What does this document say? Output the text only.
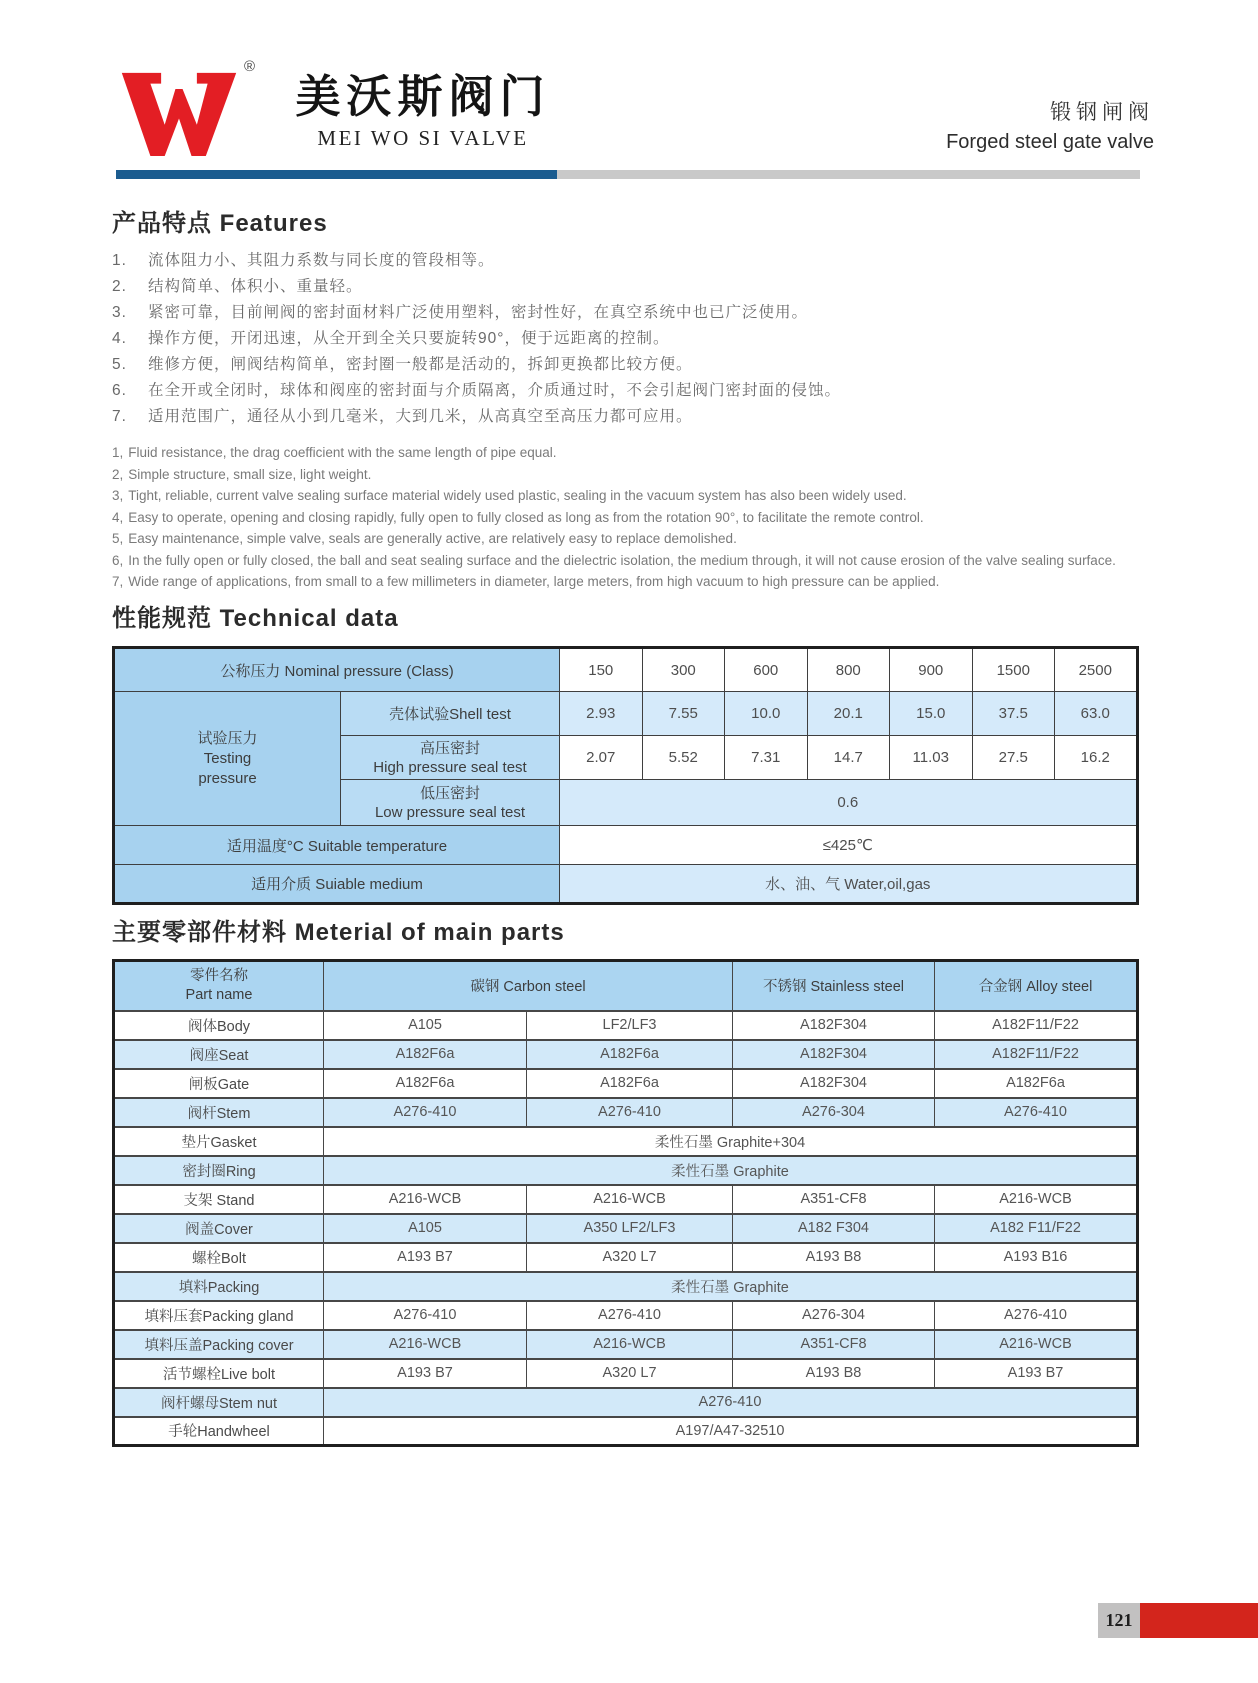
®
美沃斯阀门
MEI WO SI VALVE
锻钢闸阀
Forged steel gate valve
产品特点 Features
1.	流体阻力小、其阻力系数与同长度的管段相等。
2.	结构简单、体积小、重量轻。
3.	紧密可靠，目前闸阀的密封面材料广泛使用塑料，密封性好，在真空系统中也已广泛使用。
4.	操作方便，开闭迅速，从全开到全关只要旋转90°，便于远距离的控制。
5.	维修方便，闸阀结构简单，密封圈一般都是活动的，拆卸更换都比较方便。
6.	在全开或全闭时，球体和阀座的密封面与介质隔离，介质通过时，不会引起阀门密封面的侵蚀。
7.	适用范围广，通径从小到几毫米，大到几米，从高真空至高压力都可应用。
1, Fluid resistance, the drag coefficient with the same length of pipe equal.
2, Simple structure, small size, light weight.
3, Tight, reliable, current valve sealing surface material widely used plastic, sealing in the vacuum system has also been widely used.
4, Easy to operate, opening and closing rapidly, fully open to fully closed as long as from the rotation 90°, to facilitate the remote control.
5, Easy maintenance, simple valve, seals are generally active, are relatively easy to replace demolished.
6, In the fully open or fully closed, the ball and seat sealing surface and the dielectric isolation, the medium through, it will not cause erosion of the valve sealing surface.
7, Wide range of applications, from small to a few millimeters in diameter, large meters, from high vacuum to high pressure can be applied.
性能规范 Technical data
公称压力 Nominal pressure (Class)		150	300	600	800	900	1500	2500

试验压力
Testing
pressure	壳体试验Shell test	2.93	7.55	10.0	20.1	15.0	37.5	63.0

	高压密封
High pressure seal test	2.07	5.52	7.31	14.7	11.03	27.5	16.2

	低压密封
Low pressure seal test	0.6						
适用温度°C Suitable temperature		≤425℃						
适用介质 Suiable medium		水、油、气 Water,oil,gas						
主要零部件材料 Meterial of main parts
零件名称
Part name	碳钢 Carbon steel		不锈钢 Stainless steel	合金钢 Alloy steel
阀体Body	A105	LF2/LF3	A182F304	A182F11/F22
阀座Seat	A182F6a	A182F6a	A182F304	A182F11/F22
闸板Gate	A182F6a	A182F6a	A182F304	A182F6a
阀杆Stem	A276-410	A276-410	A276-304	A276-410
垫片Gasket	柔性石墨 Graphite+304			
密封圈Ring	柔性石墨 Graphite			
支架 Stand	A216-WCB	A216-WCB	A351-CF8	A216-WCB
阀盖Cover	A105	A350 LF2/LF3	A182 F304	A182 F11/F22
螺栓Bolt	A193 B7	A320 L7	A193 B8	A193 B16
填料Packing	柔性石墨 Graphite			
填料压套Packing gland	A276-410	A276-410	A276-304	A276-410
填料压盖Packing cover	A216-WCB	A216-WCB	A351-CF8	A216-WCB
活节螺栓Live bolt	A193 B7	A320 L7	A193 B8	A193 B7
阀杆螺母Stem nut	A276-410			
手轮Handwheel	A197/A47-32510			
121
